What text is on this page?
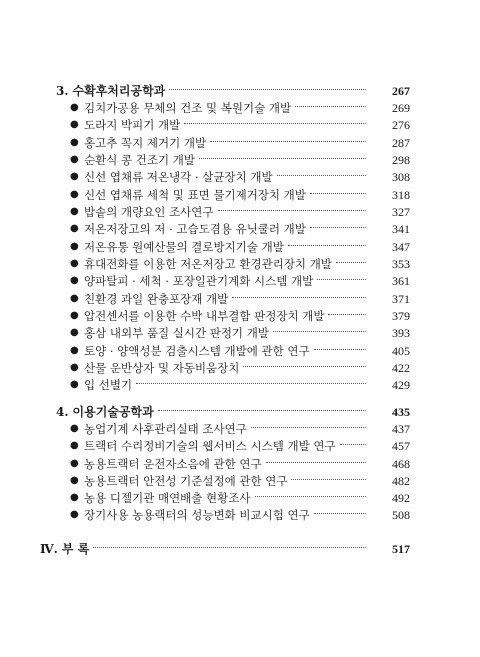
3. 수확후처리공학과	267
● 김치가공용 무체의 건조 및 복원기술 개발	269
● 도라지 박피기 개발	276
● 홍고추 꼭지 제거기 개발	287
● 순환식 콩 건조기 개발	298
● 신선 엽채류 저온냉각 · 살균장치 개발	308
● 신선 엽채류 세척 및 표면 물기제거장치 개발	318
● 밥솥의 개량요인 조사연구	327
● 저온저장고의 저 · 고습도겸용 유닛쿨러 개발	341
● 저온유통 원예산물의 결로방지기술 개발	347
● 휴대전화를 이용한 저온저장고 환경관리장치 개발	353
● 양파탈피 · 세척 · 포장일관기계화 시스템 개발	361
● 친환경 과일 완충포장재 개발	371
● 압전센서를 이용한 수박 내부결함 판정장치 개발	379
● 홍삼 내외부 품질 실시간 판정기 개발	393
● 토양 · 양액성분 검출시스템 개발에 관한 연구	405
● 산물 운반상자 및 자동비움장치	422
● 입 선별기	429
4. 이용기술공학과	435
● 농업기계 사후관리실태 조사연구	437
● 트랙터 수리정비기술의 웹서비스 시스템 개발 연구	457
● 농용트랙터 운전자소음에 관한 연구	468
● 농용트랙터 안전성 기준설정에 관한 연구	482
● 농용 디젤기관 매연배출 현황조사	492
● 장기사용 농용랙터의 성능변화 비교시험 연구	508
Ⅳ. 부 록	517
